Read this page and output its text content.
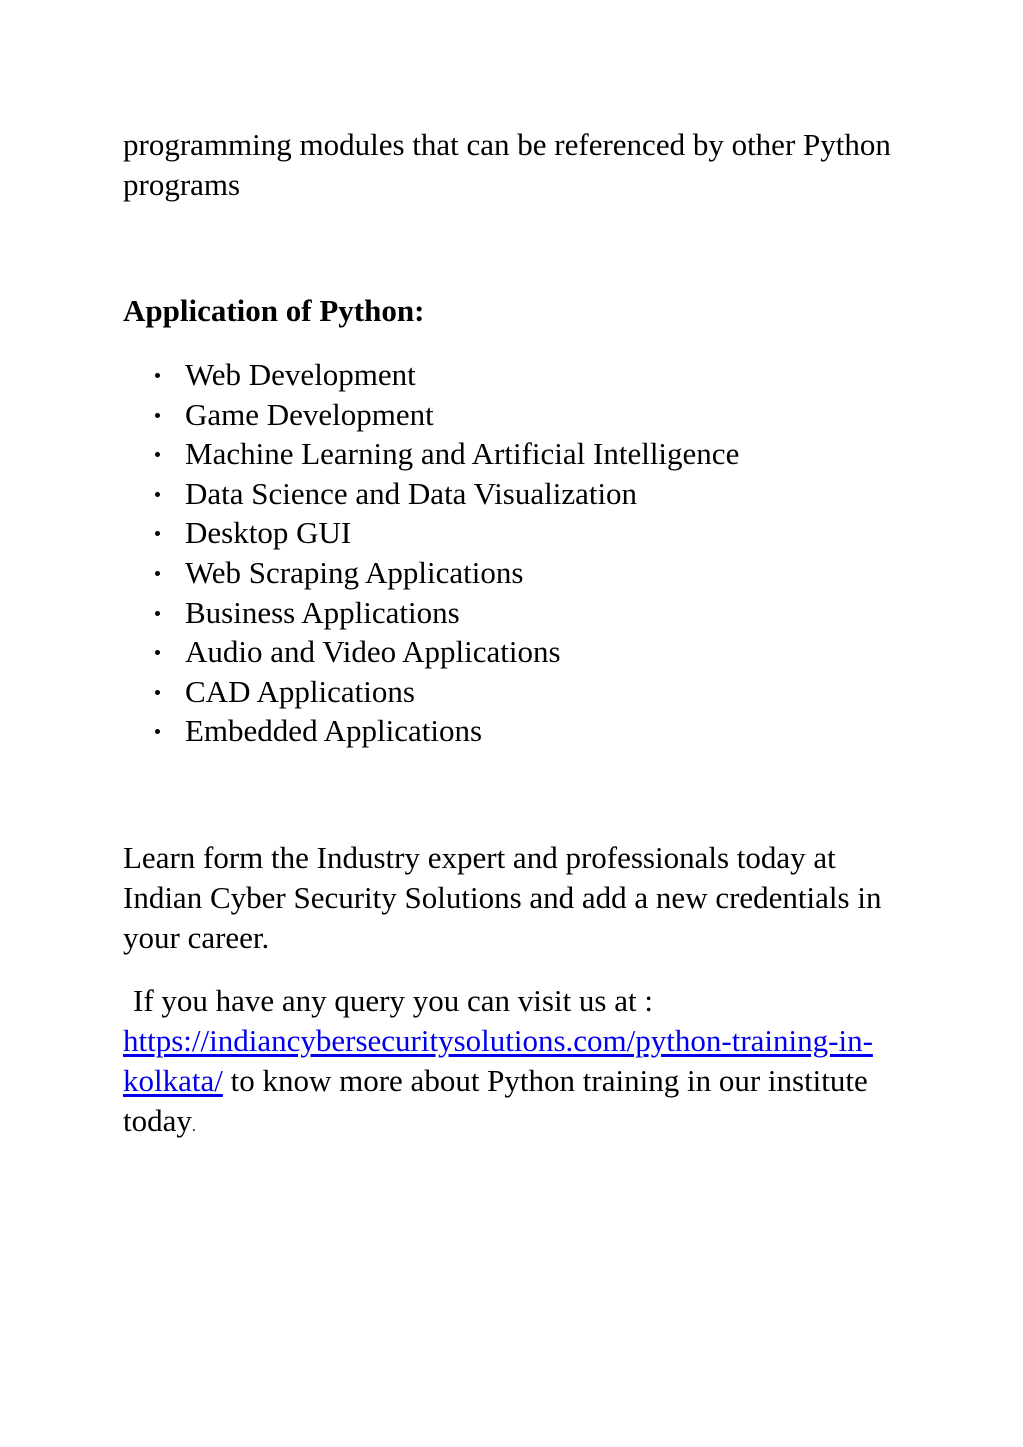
programming modules that can be referenced by other Python programs

Application of Python:
Web Development
Game Development
Machine Learning and Artificial Intelligence
Data Science and Data Visualization
Desktop GUI
Web Scraping Applications
Business Applications
Audio and Video Applications
CAD Applications
Embedded Applications

Learn form the Industry expert and professionals today at Indian Cyber Security Solutions and add a new credentials in your career.

If you have any query you can visit us at : https://indiancybersecuritysolutions.com/python-training-in-kolkata/ to know more about Python training in our institute today.
